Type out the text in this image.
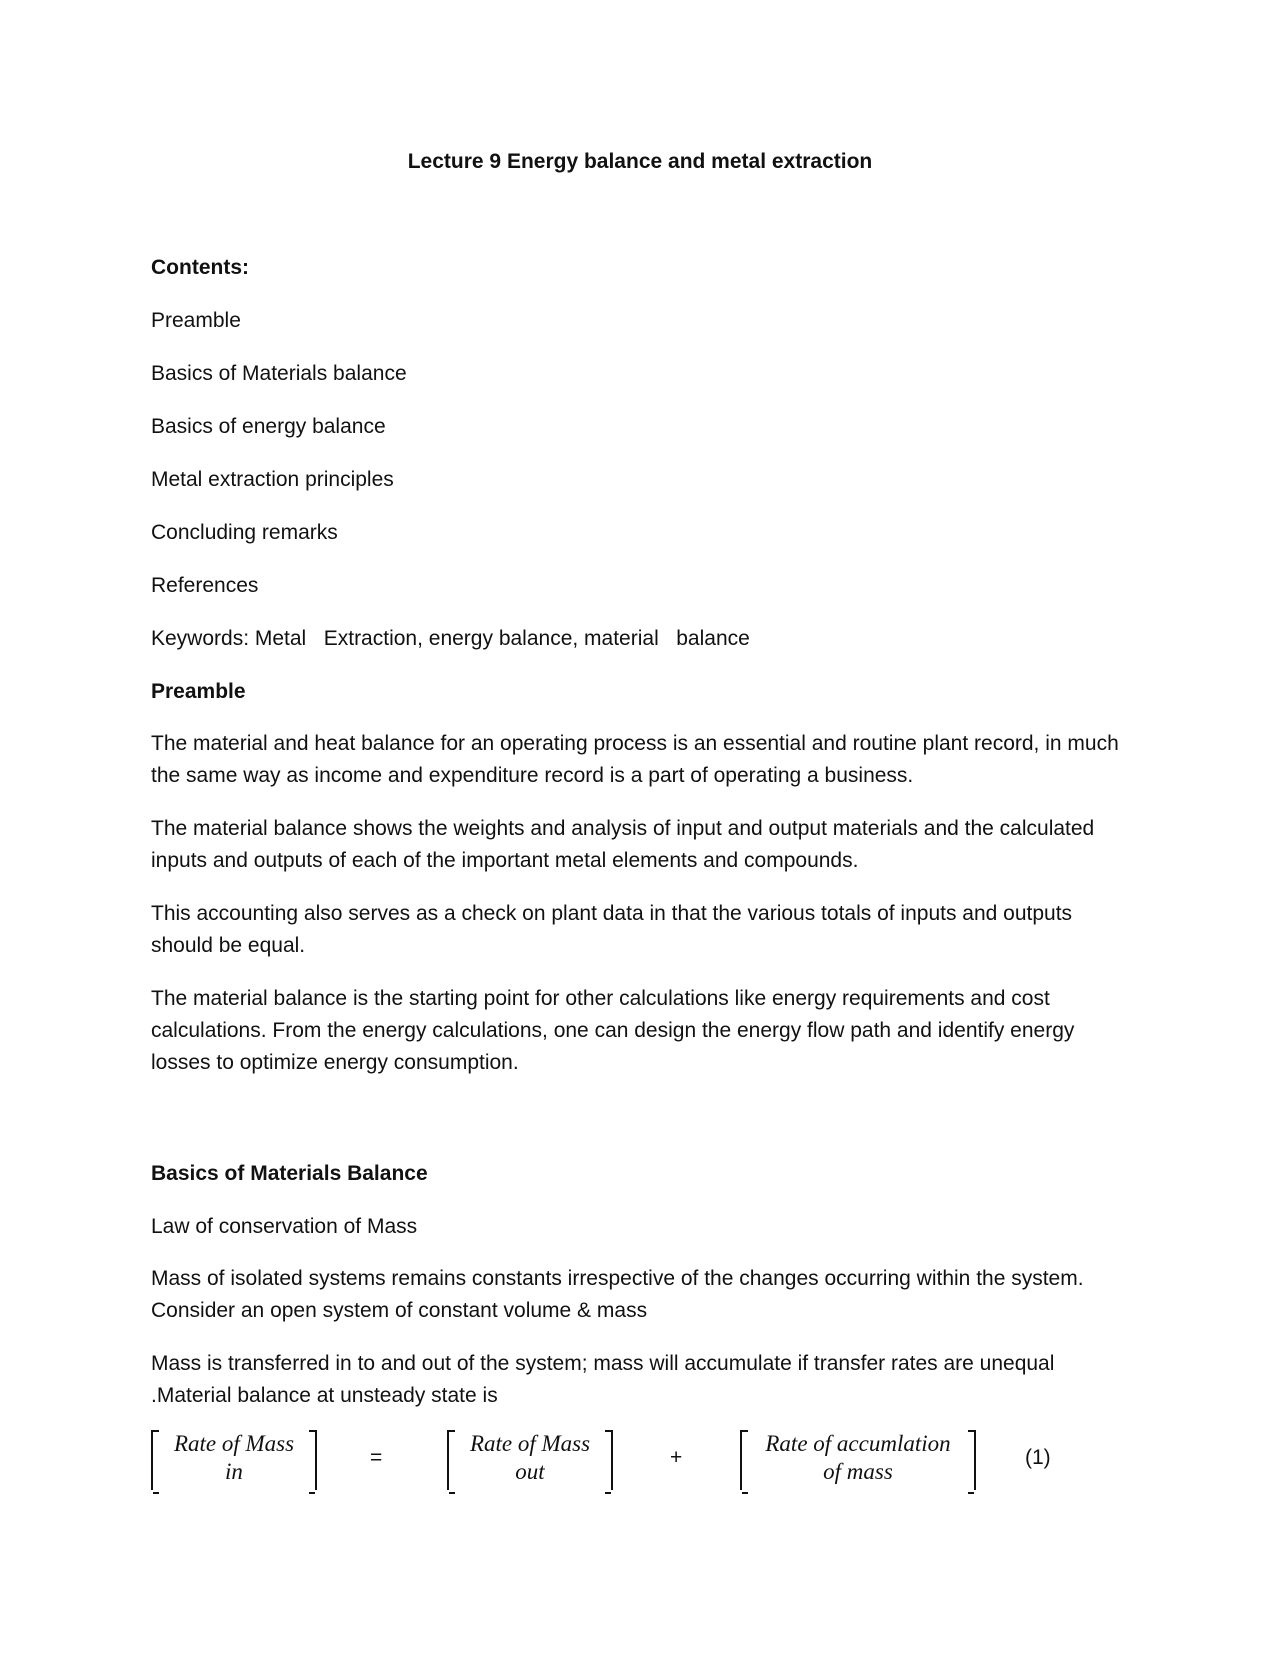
Lecture 9 Energy balance and metal extraction
Contents:
Preamble
Basics of Materials balance
Basics of energy balance
Metal extraction principles
Concluding remarks
References
Keywords: Metal   Extraction, energy balance, material   balance
Preamble
The material and heat balance for an operating process is an essential and routine plant record, in much the same way as income and expenditure record is a part of operating a business.
The material balance shows the weights and analysis of input and output materials and the calculated inputs and outputs of each of the important metal elements and compounds.
This accounting also serves as a check on plant data in that the various totals of inputs and outputs should be equal.
The material balance is the starting point for other calculations like energy requirements and cost calculations. From the energy calculations, one can design the energy flow path and identify energy losses to optimize energy consumption.
Basics of Materials Balance
Law of conservation of Mass
Mass of isolated systems remains constants irrespective of the changes occurring within the system. Consider an open system of constant volume & mass
Mass is transferred in to and out of the system; mass will accumulate if transfer rates are unequal .Material balance at unsteady state is
Rate of Mass
in
=
Rate of Mass
out
+
Rate of accumlation
of mass
(1)
